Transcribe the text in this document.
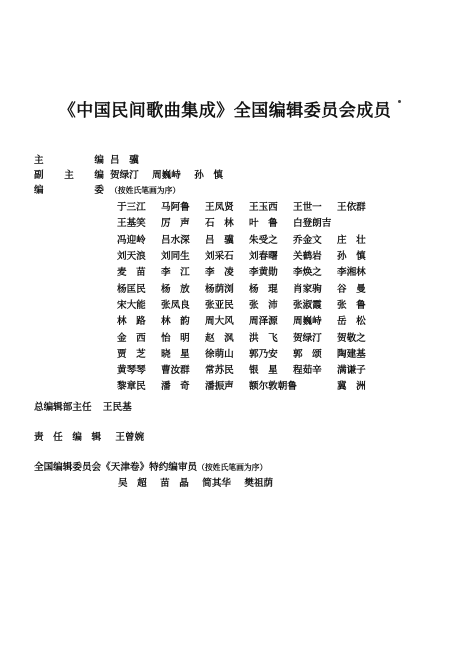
《中国民间歌曲集成》全国编辑委员会成员
主　　编 吕　骥
副　主　编 贺绿汀 周巍峙 孙　慎
编　　委 （按姓氏笔画为序）
于三江	马阿鲁	王凤贤	王玉西	王世一	王依群
王基笑	厉　声	石　林	叶　鲁	白登朗吉
冯迎岭	吕水深	吕　骥	朱受之	乔金文	庄　壮
刘天浪	刘同生	刘采石	刘春曙	关鹤岩	孙　慎
麦　苗	李　江	李　凌	李黄勋	李焕之	李湘林
杨匡民	杨　放	杨荫浏	杨　琨	肖家驹	谷　曼
宋大能	张凤良	张亚民	张　沛	张淑霞	张　鲁
林　路	林　韵	周大风	周泽源	周巍峙	岳　松
金　西	怡　明	赵　沨	洪　飞	贺绿汀	贺敬之
贾　芝	晓　星	徐萌山	郭乃安	郭　颂	陶建基
黄琴琴	曹汝群	常苏民	银　星	程茹辛	满谦子
黎章民	潘　奇	潘振声	额尔敦朝鲁	冀　洲
总编辑部主任 王民基
责　任　编　辑 王曾婉
全国编辑委员会《天津卷》特约编审员（按姓氏笔画为序）
吴　超 苗　晶 简其华 樊祖荫
